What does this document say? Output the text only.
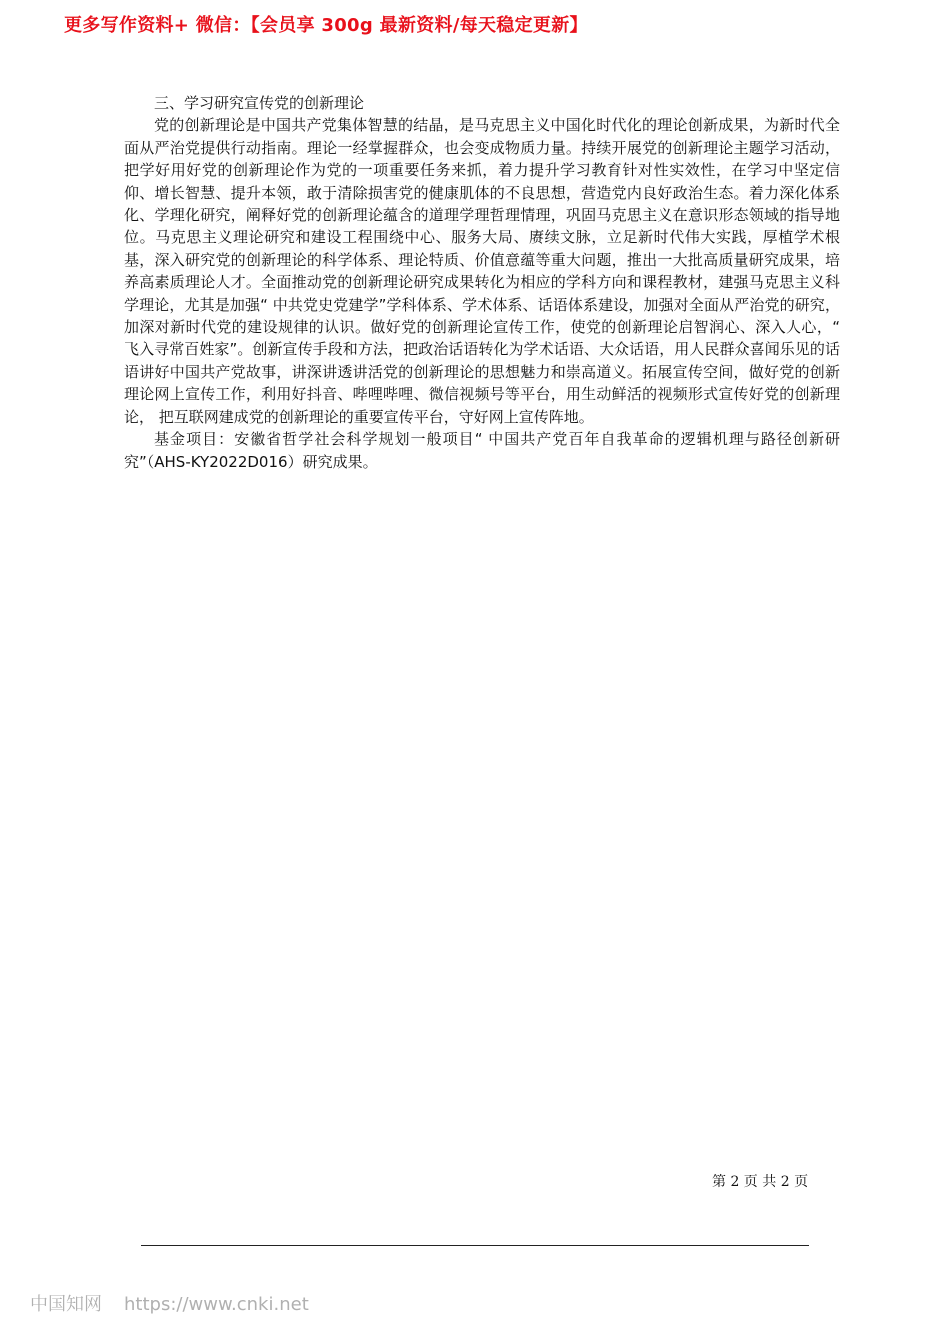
更多写作资料+ 微信：【会员享 300g 最新资料/每天稳定更新】

三、学习研究宣传党的创新理论

党的创新理论是中国共产党集体智慧的结晶，是马克思主义中国化时代化的理论创新成果，为新时代全面从严治党提供行动指南。理论一经掌握群众，也会变成物质力量。持续开展党的创新理论主题学习活动，把学好用好党的创新理论作为党的一项重要任务来抓，着力提升学习教育针对性实效性，在学习中坚定信仰、增长智慧、提升本领，敢于清除损害党的健康肌体的不良思想，营造党内良好政治生态。着力深化体系化、学理化研究，阐释好党的创新理论蕴含的道理学理哲理情理，巩固马克思主义在意识形态领域的指导地位。马克思主义理论研究和建设工程围绕中心、服务大局、赓续文脉，立足新时代伟大实践，厚植学术根基，深入研究党的创新理论的科学体系、理论特质、价值意蕴等重大问题，推出一大批高质量研究成果，培养高素质理论人才。全面推动党的创新理论研究成果转化为相应的学科方向和课程教材，建强马克思主义科学理论，尤其是加强“ 中共党史党建学”学科体系、学术体系、话语体系建设，加强对全面从严治党的研究，加深对新时代党的建设规律的认识。做好党的创新理论宣传工作，使党的创新理论启智润心、深入人心，“ 飞入寻常百姓家”。创新宣传手段和方法，把政治话语转化为学术话语、大众话语，用人民群众喜闻乐见的话语讲好中国共产党故事，讲深讲透讲活党的创新理论的思想魅力和崇高道义。拓展宣传空间，做好党的创新理论网上宣传工作，利用好抖音、哔哩哔哩、微信视频号等平台，用生动鲜活的视频形式宣传好党的创新理论， 把互联网建成党的创新理论的重要宣传平台，守好网上宣传阵地。

基金项目：安徽省哲学社会科学规划一般项目“ 中国共产党百年自我革命的逻辑机理与路径创新研究”（AHS-KY2022D016）研究成果。

第 2 页 共 2 页
中国知网 https://www.cnki.net
